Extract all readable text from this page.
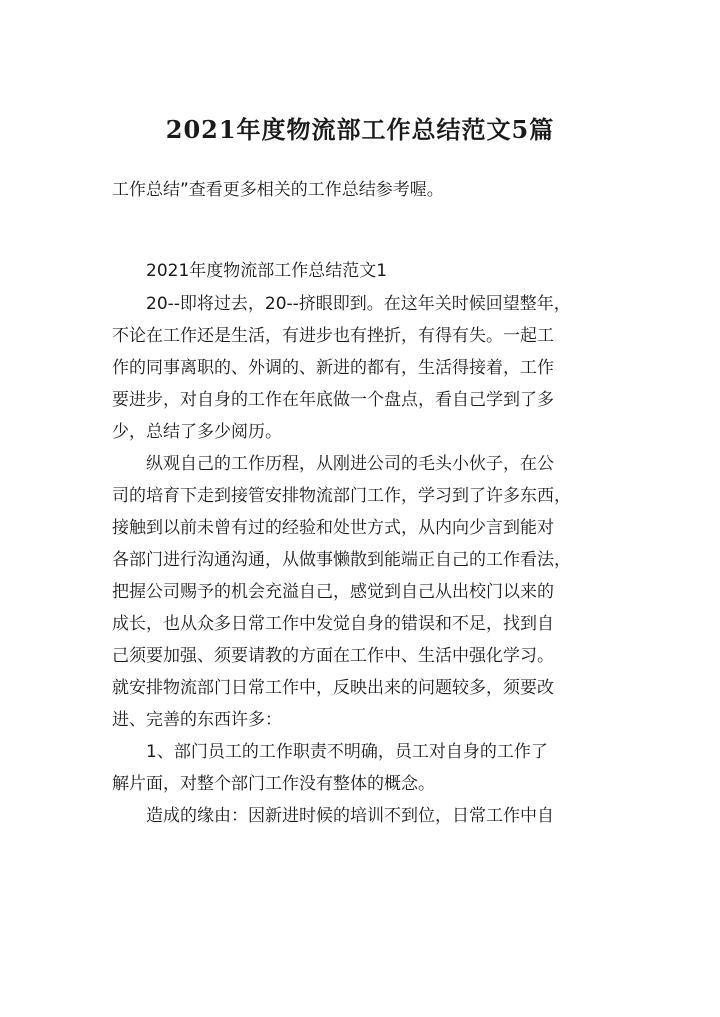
2021年度物流部工作总结范文5篇
工作总结”查看更多相关的工作总结参考喔。

2021年度物流部工作总结范文1

20--即将过去，20--挤眼即到。在这年关时候回望整年，
不论在工作还是生活，有进步也有挫折，有得有失。一起工
作的同事离职的、外调的、新进的都有，生活得接着，工作
要进步，对自身的工作在年底做一个盘点，看自己学到了多
少，总结了多少阅历。

纵观自己的工作历程，从刚进公司的毛头小伙子，在公
司的培育下走到接管安排物流部门工作，学习到了许多东西，
接触到以前未曾有过的经验和处世方式，从内向少言到能对
各部门进行沟通沟通，从做事懒散到能端正自己的工作看法，
把握公司赐予的机会充溢自己，感觉到自己从出校门以来的
成长，也从众多日常工作中发觉自身的错误和不足，找到自
己须要加强、须要请教的方面在工作中、生活中强化学习。
就安排物流部门日常工作中，反映出来的问题较多，须要改
进、完善的东西许多：

1、部门员工的工作职责不明确，员工对自身的工作了
解片面，对整个部门工作没有整体的概念。

造成的缘由：因新进时候的培训不到位，日常工作中自
